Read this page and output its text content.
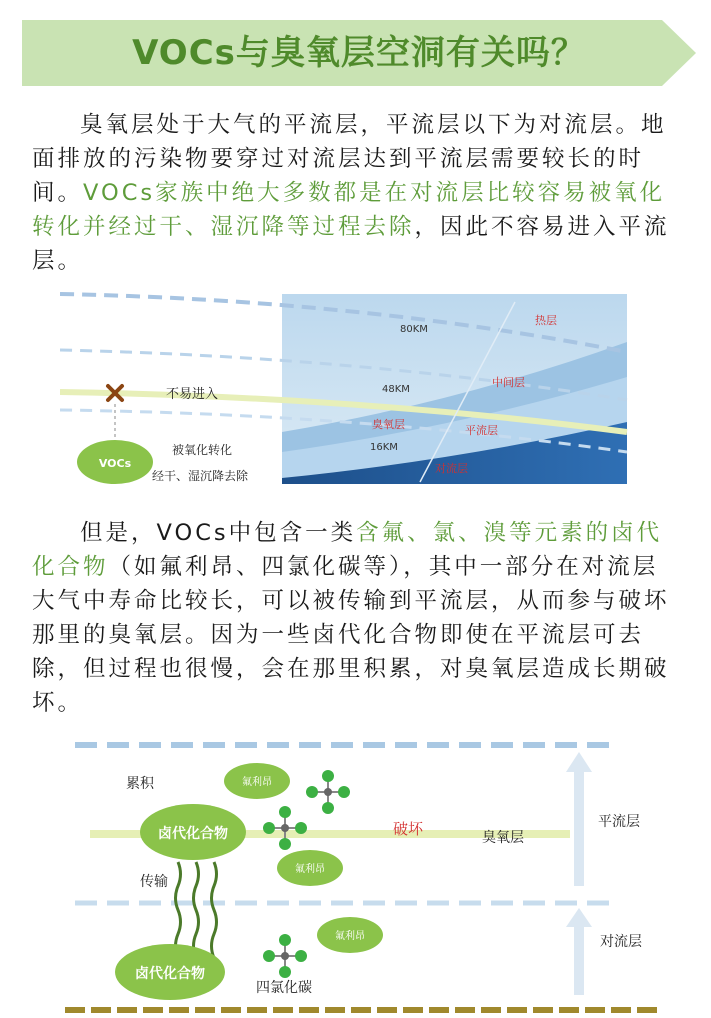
VOCs与臭氧层空洞有关吗？

臭氧层处于大气的平流层，平流层以下为对流层。地面排放的污染物要穿过对流层达到平流层需要较长的时间。VOCs家族中绝大多数都是在对流层比较容易被氧化转化并经过干、湿沉降等过程去除，因此不容易进入平流层。

80KM
48KM
16KM
热层
中间层
臭氧层	平流层
对流层
不易进入
VOCs
被氧化转化
经干、湿沉降去除

但是，VOCs中包含一类含氟、氯、溴等元素的卤代化合物（如氟利昂、四氯化碳等），其中一部分在对流层大气中寿命比较长，可以被传输到平流层，从而参与破坏那里的臭氧层。因为一些卤代化合物即使在平流层可去除，但过程也很慢，会在那里积累，对臭氧层造成长期破坏。

平流层
对流层
累积	氟利昂
卤代化合物	破坏	臭氧层
氟利昂
传输
氟利昂
卤代化合物
四氯化碳
